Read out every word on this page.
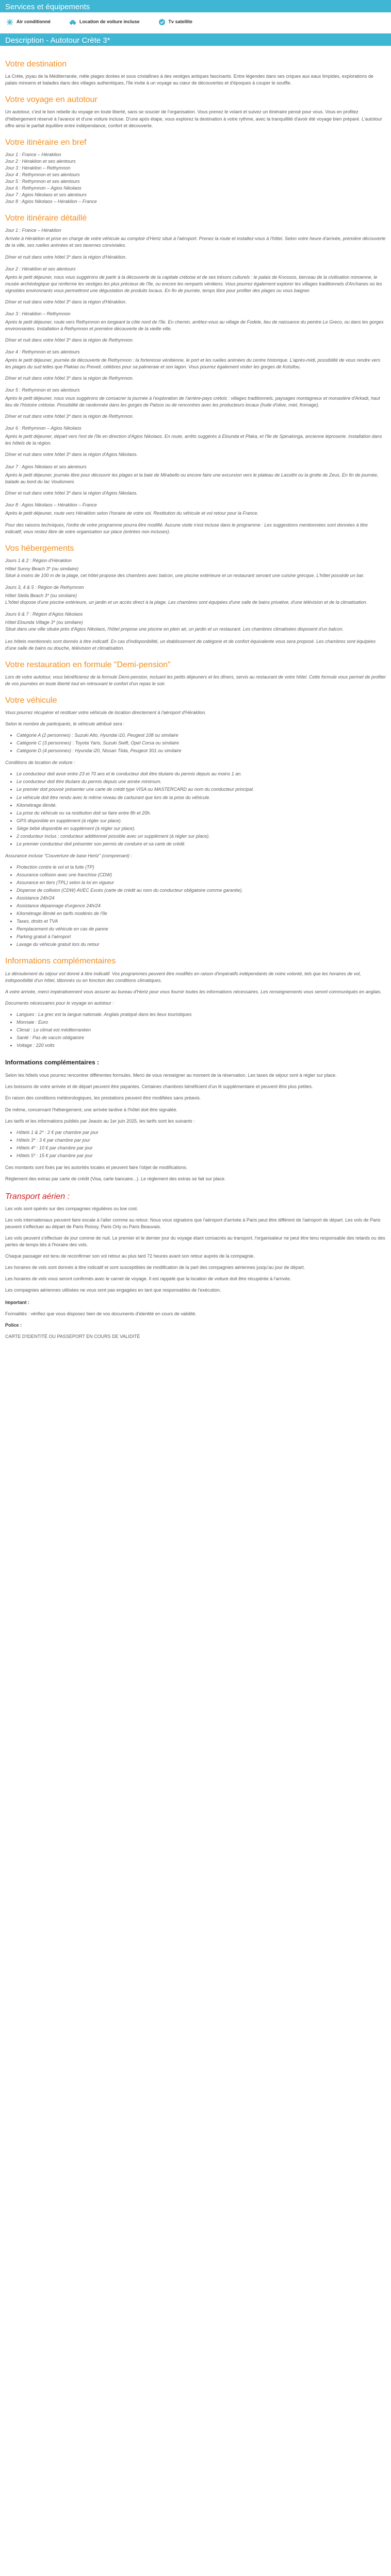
Services et équipements
Air conditionné	Location de voiture incluse	Tv satellite
Description - Autotour Crète 3*
Votre destination

La Crète, joyau de la Méditerranée, mêle plages dorées et sous cristallines à des vestiges antiques fascinants. Entre légendes dans ses criques aux eaux limpides, explorations de palais minoens et balades dans des villages authentiques, l'île invite à un voyage au cœur de découvertes et d'époques à couper le souffle.

Votre voyage en autotour

Un autotour, c'est le bon rebelle du voyage en toute liberté, sans se soucier de l'organisation. Vous prenez le volant et suivez un itinéraire pensé pour vous. Vous en profitez d'hébergement réservé à l'avance et d'une voiture incluse. D'une após étape, vous explorez la destination à votre rythme, avec la tranquillité d'avoir été voyage bien préparé. L'autotour offre ainsi le parfait équilibre entre indépendance, confort et découverte.

Votre itinéraire en bref
Jour 1 : France – Héraklion
Jour 2 : Héraklion et ses alentours
Jour 3 : Héraklion – Rethymnon
Jour 4 : Rethymnon et ses alentours
Jour 5 : Rethymnon et ses alentours
Jour 6 : Rethymnon – Agios Nikolaos
Jour 7 : Agios Nikolaos et ses alentours
Jour 8 : Agios Nikolaos – Héraklion – France
Votre itinéraire détaillé
Jour 1 : France – Héraklion

Arrivée à Héraklion et prise en charge de votre véhicule au comptoir d'Hertz situé à l'aéroport. Prenez la route et installez-vous à l'hôtel. Selon votre heure d'arrivée, première découverte de la ville, ses ruelles animées et ses tavernes conviviales.

Dîner et nuit dans votre hôtel 3* dans la région d'Héraklion.

Jour 2 : Héraklion et ses alentours

Après le petit déjeuner, nous vous suggérons de partir à la découverte de la capitale crétoise et de ses trésors culturels : le palais de Knossos, berceau de la civilisation minoenne, le musée archéologique qui renferme les vestiges les plus précieux de l'île, ou encore les remparts vénitiens. Vous pourrez également explorer les villages traditionnels d'Archanes où les vignobles environnants vous permettront une dégustation de produits locaux. En fin de journée, temps libre pour profiter des plages ou vous baigner.

Dîner et nuit dans votre hôtel 3* dans la région d'Héraklion.

Jour 3 : Héraklion – Rethymnon

Après le petit déjeuner, route vers Rethymnon en longeant la côte nord de l'île. En chemin, arrêtez-vous au village de Fodele, lieu de naissance du peintre Le Greco, ou dans les gorges environnantes. Installation à Rethymnon et première découverte de la vieille ville.

Dîner et nuit dans votre hôtel 3* dans la région de Rethymnon.

Jour 4 : Rethymnon et ses alentours

Après le petit déjeuner, journée de découverte de Rethymnon : la forteresse vénitienne, le port et les ruelles animées du centre historique. L'après-midi, possibilité de vous rendre vers les plages du sud telles que Plakias ou Preveli, célèbres pour sa palmeraie et son lagon. Vous pourrez également visiter les gorges de Kotsifou.

Dîner et nuit dans votre hôtel 3* dans la région de Rethymnon.

Jour 5 : Rethymnon et ses alentours

Après le petit déjeuner, nous vous suggérons de consacrer la journée à l'exploration de l'arrière-pays crétois : villages traditionnels, paysages montagneux et monastère d'Arkadi, haut lieu de l'histoire crétoise. Possibilité de randonnée dans les gorges de Patsos ou de rencontres avec les producteurs locaux (huile d'olive, miel, fromage).

Dîner et nuit dans votre hôtel 3* dans la région de Rethymnon.

Jour 6 : Rethymnon – Agios Nikolaos

Après le petit déjeuner, départ vers l'est de l'île en direction d'Agios Nikolaos. En route, arrêts suggérés à Elounda et Plaka, et l'île de Spinalonga, ancienne léproserie. Installation dans les hôtels de la région.

Dîner et nuit dans votre hôtel 3* dans la région d'Agios Nikolaos.

Jour 7 : Agios Nikolaos et ses alentours

Après le petit déjeuner, journée libre pour découvrir les plages et la baie de Mirabello ou encore faire une excursion vers le plateau de Lassithi ou la grotte de Zeus. En fin de journée, balade au bord du lac Voulismeni.

Dîner et nuit dans votre hôtel 3* dans la région d'Agios Nikolaos.

Jour 8 : Agios Nikolaos – Héraklion – France

Après le petit déjeuner, route vers Héraklion selon l'horaire de votre vol. Restitution du véhicule et vol retour pour la France.

Pour des raisons techniques, l'ordre de votre programme pourra être modifié. Aucune visite n'est incluse dans le programme : Les suggestions mentionnées sont données à titre indicatif, vous restez libre de votre organisation sur place (entrées non incluses).

Vos hébergements
Jours 1 & 2 : Région d'Héraklion
Hôtel Sunny Beach 3* (ou similaire)

Situé à moins de 100 m de la plage, cet hôtel propose des chambres avec balcon, une piscine extérieure et un restaurant servant une cuisine grecque. L'hôtel possède un bar.

Jours 3, 4 & 5 : Région de Rethymnon
Hôtel Stella Beach 3* (ou similaire)

L'hôtel dispose d'une piscine extérieure, un jardin et un accès direct à la plage. Les chambres sont équipées d'une salle de bains privative, d'une télévision et de la climatisation.

Jours 6 & 7 : Région d'Agios Nikolaos
Hôtel Elounda Village 3* (ou similaire)

Situé dans une ville située près d'Agios Nikolaos, l'hôtel propose une piscine en plein air, un jardin et un restaurant. Les chambres climatisées disposent d'un balcon.

Les hôtels mentionnés sont donnés à titre indicatif. En cas d'indisponibilité, un établissement de catégorie et de confort équivalente vous sera proposé. Les chambres sont équipées d'une salle de bains ou douche, télévision et climatisation.

Votre restauration en formule "Demi-pension"

Lors de votre autotour, vous bénéficierez de la formule Demi-pension, incluant les petits déjeuners et les dîners, servis au restaurant de votre hôtel. Cette formule vous permet de profiter de vos journées en toute liberté tout en retrouvant le confort d'un repas le soir.

Votre véhicule

Vous pourrez récupérer et restituer votre véhicule de location directement à l'aéroport d'Héraklion.

Selon le nombre de participants, le véhicule attribué sera :

• Catégorie A (2 personnes) : Suzuki Alto, Hyundai i10, Peugeot 108 ou similaire
• Catégorie C (3 personnes) : Toyota Yaris, Suzuki Swift, Opel Corsa ou similaire
• Catégorie D (4 personnes) : Hyundai i20, Nissan Tiida, Peugeot 301 ou similaire

Conditions de location de voiture :

• Le conducteur doit avoir entre 23 et 70 ans et le conducteur doit être titulaire du permis depuis au moins 1 an.
• Le conducteur doit être titulaire du permis depuis une année minimum.
• Le premier doit pouvoir présenter une carte de crédit type VISA ou MASTERCARD au nom du conducteur principal.
• Le véhicule doit être rendu avec le même niveau de carburant que lors de la prise du véhicule.
• Kilométrage illimité.
• La prise du véhicule ou sa restitution doit se faire entre 8h et 20h.
• GPS disponible en supplément (à régler sur place).
• Siège bébé disponible en supplément (à régler sur place).
• 2 conducteur inclus ; conducteur additionnel possible avec un supplément (à régler sur place).
• Le premier conducteur doit présenter son permis de conduire et sa carte de crédit.

Assurance incluse "Couverture de base Hertz" (comprenant) :

• Protection contre le vol et la fuite (TP)
• Assurance collision avec une franchise (CDW)
• Assurance en tiers (TPL) selon la loi en vigueur
• Dispense de collision (CDW) AVEC Excès (carte de crédit au nom du conducteur obligatoire comme garantie).
• Assistance 24h/24
• Assistance dépannage d'urgence 24h/24
• Kilométrage illimité en tarifs modérés de l'île
• Taxes, droits et TVA
• Remplacement du véhicule en cas de panne
• Parking gratuit à l'aéroport
• Lavage du véhicule gratuit lors du retour
Informations complémentaires

Le déroulement du séjour est donné à titre indicatif. Vos programmes peuvent être modifiés en raison d'impératifs indépendants de notre volonté, tels que les horaires de vol, indisponibilité d'un hôtel, tâtonnés ou en fonction des conditions climatiques.

A votre arrivée, merci impérativement vous assurer au bureau d'Hertz pour vous fournir toutes les informations nécessaires. Les renseignements vous seront communiqués en anglais.

Documents nécessaires pour le voyage en autotour :

• Langues : La grec est la langue nationale. Anglais pratiqué dans les lieux touristiques
• Monnaie : Euro
• Climat : Le climat est méditerranéen
• Santé : Pas de vaccin obligatoire
• Voltage : 220 volts
Informations complémentaires :

Selon les hôtels vous pourrez rencontrer différentes formules. Merci de vous renseigner au moment de la réservation. Les taxes de séjour sont à régler sur place.

Les boissons de votre arrivée et de départ peuvent être payantes. Certaines chambres bénéficient d'un lit supplémentaire et peuvent être plus petites.

En raison des conditions météorologiques, les prestations peuvent être modifiées sans préavis.

De même, concernant l'hébergement, une arrivée tardive à l'hôtel doit être signalée.

Les tarifs et les informations publiés par Jeauto au 1er juin 2025, les tarifs sont les suivants :

• Hôtels 1 & 2* : 2 € par chambre par jour
• Hôtels 3* : 3 € par chambre par jour
• Hôtels 4* : 10 € par chambre par jour
• Hôtels 5* : 15 € par chambre par jour

Ces montants sont fixés par les autorités locales et peuvent faire l'objet de modifications.

Règlement des extras par carte de crédit (Visa, carte bancaire...). Le règlement des extras se fait sur place.

Transport aérien :

Les vols sont opérés sur des compagnies régulières ou low cost.

Les vols internationaux peuvent faire escale à l'aller comme au retour. Nous vous signalons que l'aéroport d'arrivée à Paris peut être différent de l'aéroport de départ. Les vols de Paris peuvent s'effectuer au départ de Paris Roissy, Paris Orly ou Paris Beauvais.

Les vols peuvent s'effectuer de jour comme de nuit. Le premier et le dernier jour du voyage étant consacrés au transport, l'organisateur ne peut être tenu responsable des retards ou des pertes de temps liés à l'horaire des vols.

Chaque passager est tenu de reconfirmer son vol retour au plus tard 72 heures avant son retour auprès de la compagnie.

Les horaires de vols sont donnés à titre indicatif et sont susceptibles de modification de la part des compagnies aériennes jusqu'au jour de départ.

Les horaires de vols vous seront confirmés avec le carnet de voyage. Il est rappelé que la location de voiture doit être récupérée à l'arrivée.

Les compagnies aériennes utilisées ne vous sont pas engagées en tant que responsables de l'exécution.

Important :

Formalités : vérifiez que vous disposez bien de vos documents d'identité en cours de validité.

Police :

CARTE D'IDENTITÉ OU PASSEPORT EN COURS DE VALIDITÉ
